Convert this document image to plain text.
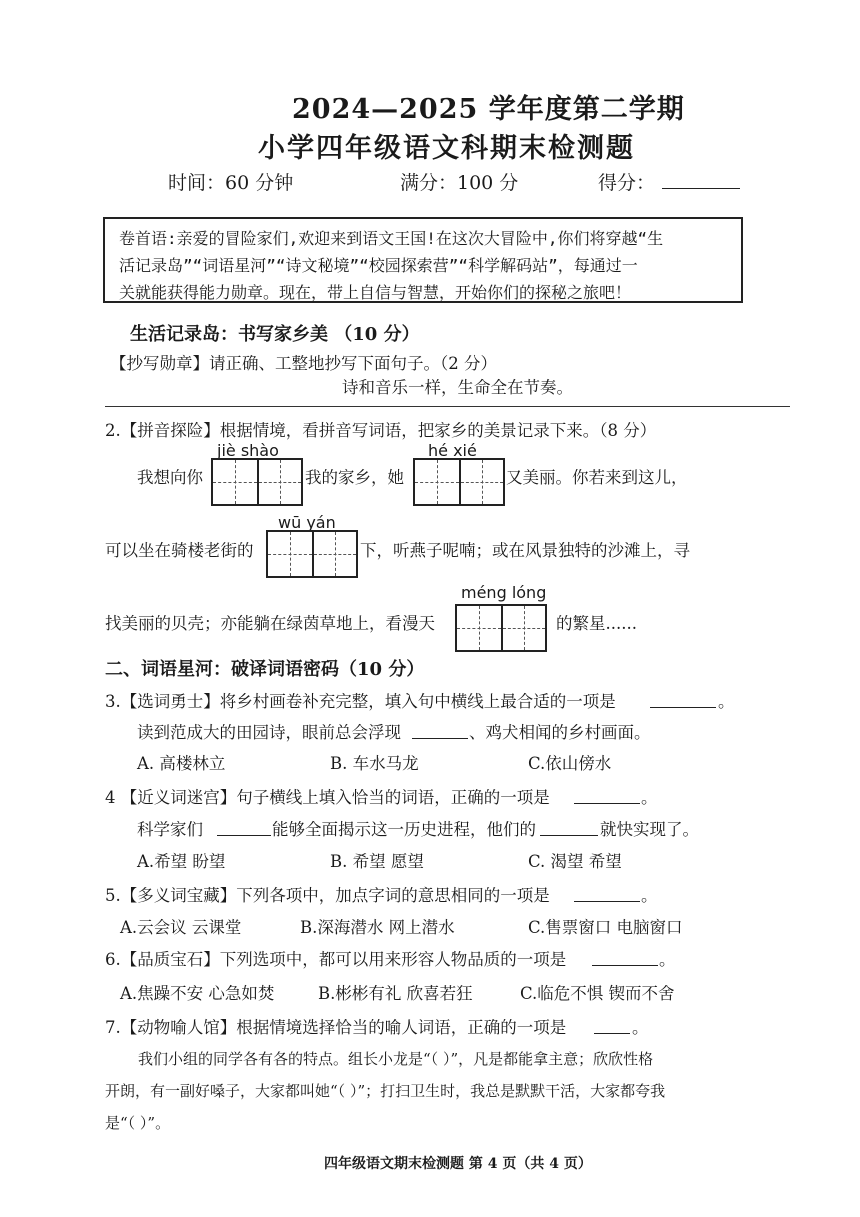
2024—2025 学年度第二学期
小学四年级语文科期末检测题
时间：60 分钟	满分：100 分	得分：
卷首语:亲爱的冒险家们,欢迎来到语文王国!在这次大冒险中,你们将穿越“生
活记录岛”“词语星河”“诗文秘境”“校园探索营”“科学解码站”，每通过一
关就能获得能力勋章。现在，带上自信与智慧，开始你们的探秘之旅吧！
生活记录岛：书写家乡美 （10 分）
【抄写勋章】请正确、工整地抄写下面句子。（2 分）
诗和音乐一样，生命全在节奏。
2.【拼音探险】根据情境，看拼音写词语，把家乡的美景记录下来。（8 分）
jiè shào	hé xié
我想向你	我的家乡，她	又美丽。你若来到这儿，
wū yán
可以坐在骑楼老街的	下，听燕子呢喃；或在风景独特的沙滩上，寻
méng lóng
找美丽的贝壳；亦能躺在绿茵草地上，看漫天	的繁星......
二、词语星河：破译词语密码（10 分）
3.【选词勇士】将乡村画卷补充完整，填入句中横线上最合适的一项是	。
读到范成大的田园诗，眼前总会浮现	、鸡犬相闻的乡村画面。
A. 高楼林立	B. 车水马龙	C.依山傍水
4 【近义词迷宫】句子横线上填入恰当的词语，正确的一项是	。
科学家们	能够全面揭示这一历史进程，他们的	就快实现了。
A.希望 盼望	B. 希望 愿望	C. 渴望 希望
5.【多义词宝藏】下列各项中，加点字词的意思相同的一项是	。
A.云会议 云课堂	B.深海潜水 网上潜水	C.售票窗口 电脑窗口
6.【品质宝石】下列选项中，都可以用来形容人物品质的一项是	。
A.焦躁不安 心急如焚	B.彬彬有礼 欣喜若狂	C.临危不惧 锲而不舍
7.【动物喻人馆】根据情境选择恰当的喻人词语，正确的一项是	。
我们小组的同学各有各的特点。组长小龙是“（ ）”，凡是都能拿主意；欣欣性格
开朗，有一副好嗓子，大家都叫她“（ ）”；打扫卫生时，我总是默默干活，大家都夸我
是“（ ）”。
四年级语文期末检测题 第 4 页（共 4 页）
